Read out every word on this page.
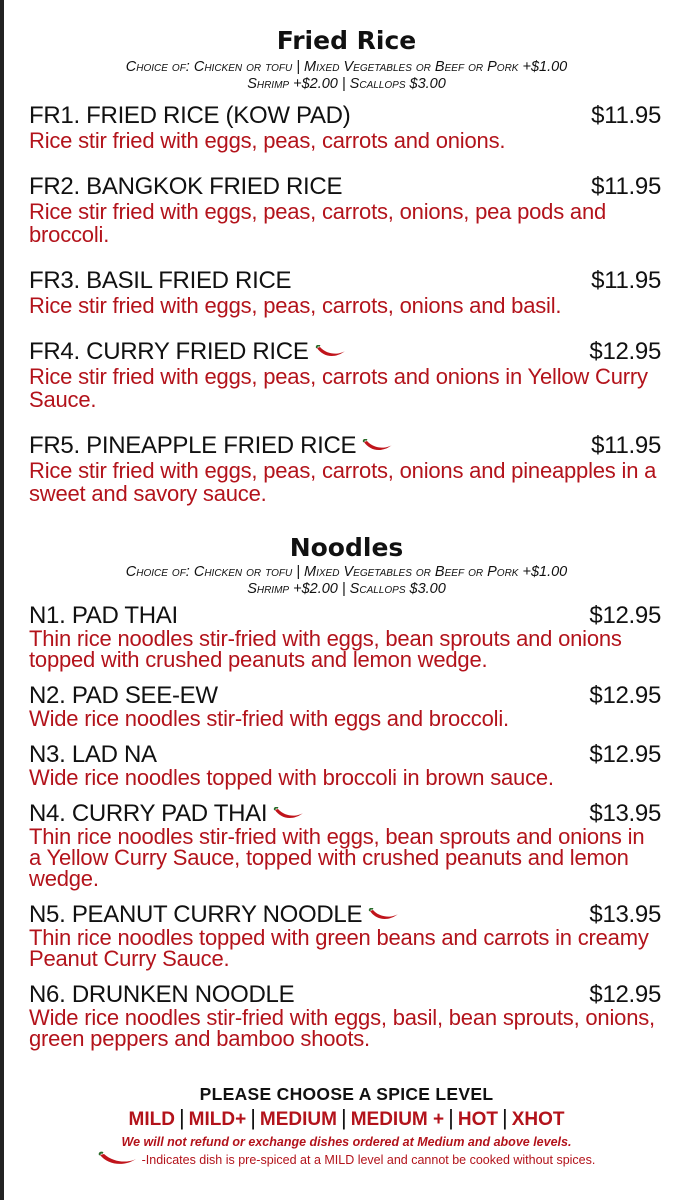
Fried Rice
Choice of: Chicken or tofu | Mixed Vegetables or Beef or Pork +$1.00
Shrimp +$2.00 | Scallops $3.00
FR1. FRIED RICE (KOW PAD)	$11.95
Rice stir fried with eggs, peas, carrots and onions.
FR2. BANGKOK FRIED RICE	$11.95
Rice stir fried with eggs, peas, carrots, onions, pea pods and broccoli.
FR3. BASIL FRIED RICE	$11.95
Rice stir fried with eggs, peas, carrots, onions and basil.
FR4. CURRY FRIED RICE	$12.95
Rice stir fried with eggs, peas, carrots and onions in Yellow Curry Sauce.
FR5. PINEAPPLE FRIED RICE	$11.95
Rice stir fried with eggs, peas, carrots, onions and pineapples in a sweet and savory sauce.
Noodles
Choice of: Chicken or tofu | Mixed Vegetables or Beef or Pork +$1.00
Shrimp +$2.00 | Scallops $3.00
N1. PAD THAI	$12.95
Thin rice noodles stir-fried with eggs, bean sprouts and onions topped with crushed peanuts and lemon wedge.
N2. PAD SEE-EW	$12.95
Wide rice noodles stir-fried with eggs and broccoli.
N3. LAD NA	$12.95
Wide rice noodles topped with broccoli in brown sauce.
N4. CURRY PAD THAI	$13.95
Thin rice noodles stir-fried with eggs, bean sprouts and onions in a Yellow Curry Sauce, topped with crushed peanuts and lemon wedge.
N5. PEANUT CURRY NOODLE	$13.95
Thin rice noodles topped with green beans and carrots in creamy Peanut Curry Sauce.
N6. DRUNKEN NOODLE	$12.95
Wide rice noodles stir-fried with eggs, basil, bean sprouts, onions, green peppers and bamboo shoots.
PLEASE CHOOSE A SPICE LEVEL
MILD | MILD+ | MEDIUM | MEDIUM + | HOT | XHOT
We will not refund or exchange dishes ordered at Medium and above levels.
-Indicates dish is pre-spiced at a MILD level and cannot be cooked without spices.
